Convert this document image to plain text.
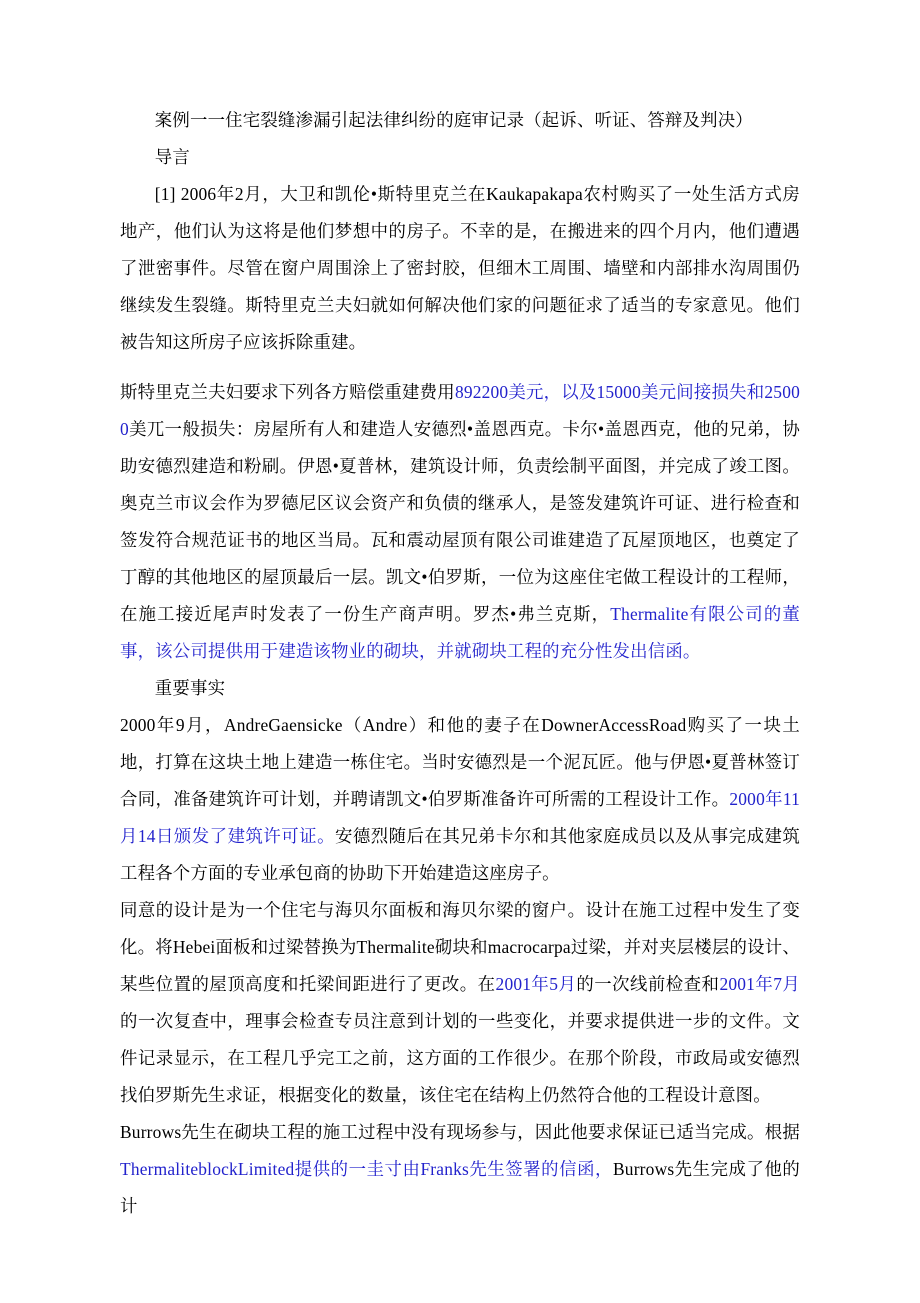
案例一一住宅裂缝渗漏引起法律纠纷的庭审记录（起诉、听证、答辩及判决）

导言

[1] 2006年2月，大卫和凯伦•斯特里克兰在Kaukapakapa农村购买了一处生活方式房地产，他们认为这将是他们梦想中的房子。不幸的是，在搬进来的四个月内，他们遭遇了泄密事件。尽管在窗户周围涂上了密封胶，但细木工周围、墙壁和内部排水沟周围仍继续发生裂缝。斯特里克兰夫妇就如何解决他们家的问题征求了适当的专家意见。他们被告知这所房子应该拆除重建。

斯特里克兰夫妇要求下列各方赔偿重建费用892200美元，以及15000美元间接损失和25000美兀一般损失：房屋所有人和建造人安德烈•盖恩西克。卡尔•盖恩西克，他的兄弟，协助安德烈建造和粉刷。伊恩•夏普林，建筑设计师，负责绘制平面图，并完成了竣工图。奥克兰市议会作为罗德尼区议会资产和负债的继承人，是签发建筑许可证、进行检查和签发符合规范证书的地区当局。瓦和震动屋顶有限公司谁建造了瓦屋顶地区，也奠定了丁醇的其他地区的屋顶最后一层。凯文•伯罗斯，一位为这座住宅做工程设计的工程师，在施工接近尾声时发表了一份生产商声明。罗杰•弗兰克斯，Thermalite有限公司的董事，该公司提供用于建造该物业的砌块，并就砌块工程的充分性发出信函。

重要事实

2000年9月，AndreGaensicke（Andre）和他的妻子在DownerAccessRoad购买了一块土地，打算在这块土地上建造一栋住宅。当时安德烈是一个泥瓦匠。他与伊恩•夏普林签订合同，准备建筑许可计划，并聘请凯文•伯罗斯准备许可所需的工程设计工作。2000年11月14日颁发了建筑许可证。安德烈随后在其兄弟卡尔和其他家庭成员以及从事完成建筑工程各个方面的专业承包商的协助下开始建造这座房子。

同意的设计是为一个住宅与海贝尔面板和海贝尔梁的窗户。设计在施工过程中发生了变化。将Hebei面板和过梁替换为Thermalite砌块和macrocarpa过梁，并对夹层楼层的设计、某些位置的屋顶高度和托梁间距进行了更改。在2001年5月的一次线前检查和2001年7月的一次复查中，理事会检查专员注意到计划的一些变化，并要求提供进一步的文件。文件记录显示，在工程几乎完工之前，这方面的工作很少。在那个阶段，市政局或安德烈找伯罗斯先生求证，根据变化的数量，该住宅在结构上仍然符合他的工程设计意图。

Burrows先生在砌块工程的施工过程中没有现场参与，因此他要求保证已适当完成。根据ThermaliteblockLimited提供的一圭寸由Franks先生签署的信函，Burrows先生完成了他的计
